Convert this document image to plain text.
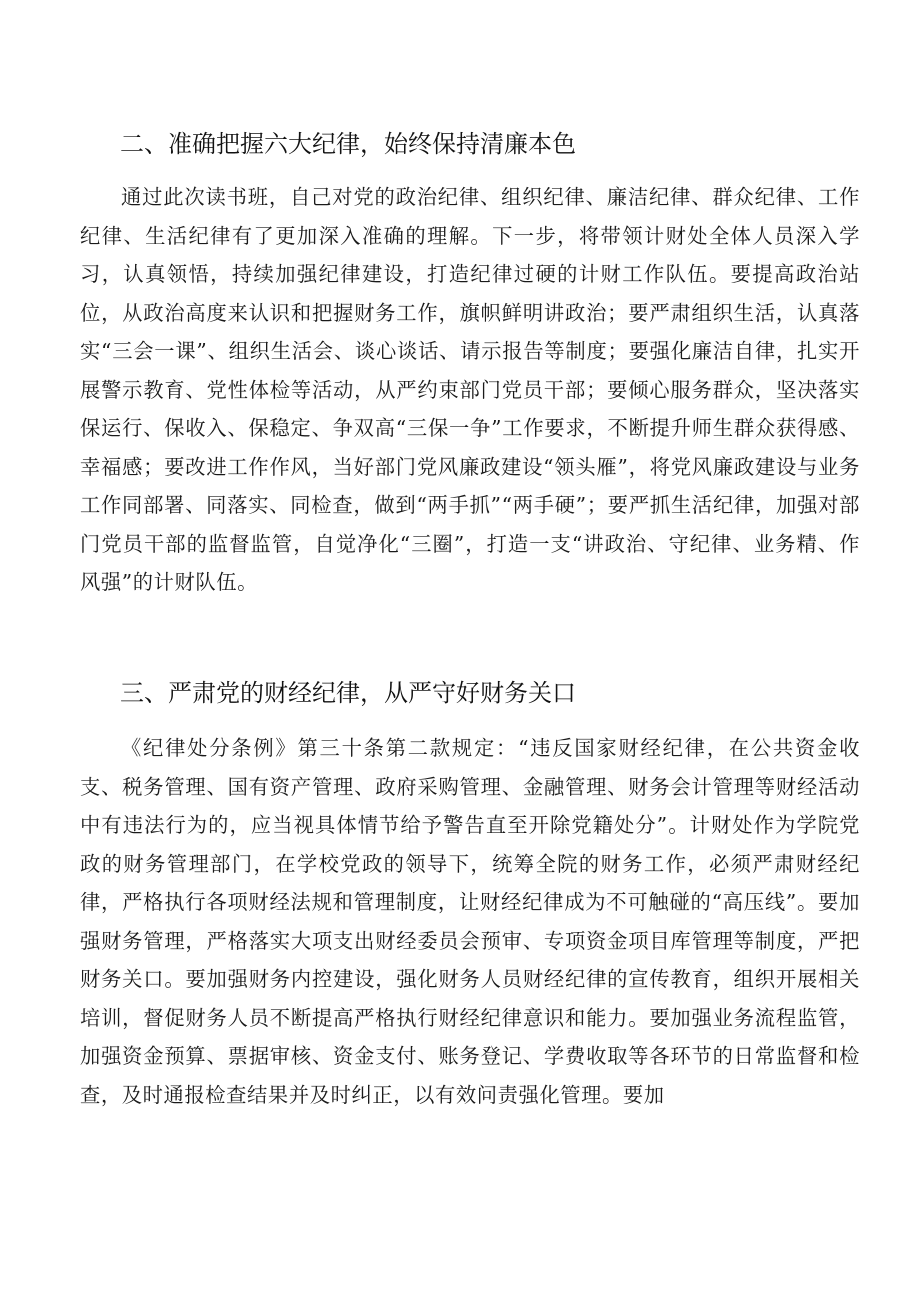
二、准确把握六大纪律，始终保持清廉本色

通过此次读书班，自己对党的政治纪律、组织纪律、廉洁纪律、群众纪律、工作纪律、生活纪律有了更加深入准确的理解。下一步，将带领计财处全体人员深入学习，认真领悟，持续加强纪律建设，打造纪律过硬的计财工作队伍。要提高政治站位，从政治高度来认识和把握财务工作，旗帜鲜明讲政治；要严肃组织生活，认真落实“三会一课”、组织生活会、谈心谈话、请示报告等制度；要强化廉洁自律，扎实开展警示教育、党性体检等活动，从严约束部门党员干部；要倾心服务群众，坚决落实保运行、保收入、保稳定、争双高“三保一争”工作要求，不断提升师生群众获得感、幸福感；要改进工作作风，当好部门党风廉政建设“领头雁”，将党风廉政建设与业务工作同部署、同落实、同检查，做到“两手抓”“两手硬”；要严抓生活纪律，加强对部门党员干部的监督监管，自觉净化“三圈”，打造一支“讲政治、守纪律、业务精、作风强”的计财队伍。

三、严肃党的财经纪律，从严守好财务关口

《纪律处分条例》第三十条第二款规定：“违反国家财经纪律，在公共资金收支、税务管理、国有资产管理、政府采购管理、金融管理、财务会计管理等财经活动中有违法行为的，应当视具体情节给予警告直至开除党籍处分”。计财处作为学院党政的财务管理部门，在学校党政的领导下，统筹全院的财务工作，必须严肃财经纪律，严格执行各项财经法规和管理制度，让财经纪律成为不可触碰的“高压线”。要加强财务管理，严格落实大项支出财经委员会预审、专项资金项目库管理等制度，严把财务关口。要加强财务内控建设，强化财务人员财经纪律的宣传教育，组织开展相关培训，督促财务人员不断提高严格执行财经纪律意识和能力。要加强业务流程监管，加强资金预算、票据审核、资金支付、账务登记、学费收取等各环节的日常监督和检查，及时通报检查结果并及时纠正，以有效问责强化管理。要加
